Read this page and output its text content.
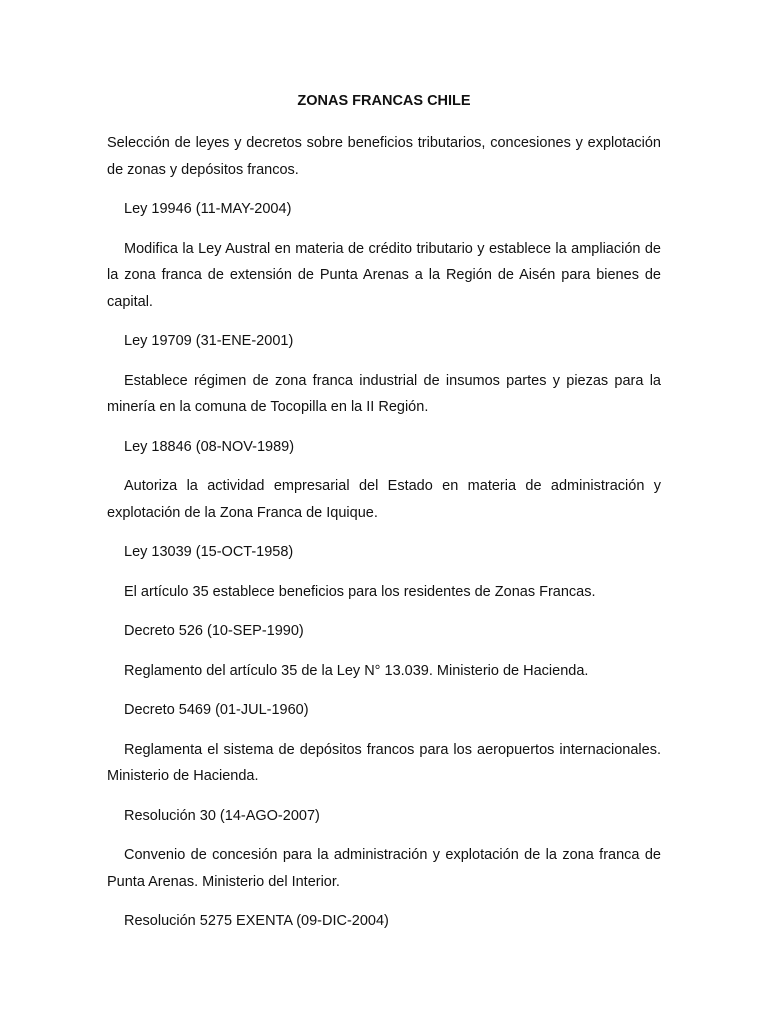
ZONAS FRANCAS CHILE

Selección de leyes y decretos sobre beneficios tributarios, concesiones y explotación de zonas y depósitos francos.

Ley 19946 (11-MAY-2004)

Modifica la Ley Austral en materia de crédito tributario y establece la ampliación de la zona franca de extensión de Punta Arenas a la Región de Aisén para bienes de capital.

Ley 19709 (31-ENE-2001)

Establece régimen de zona franca industrial de insumos partes y piezas para la minería en la comuna de Tocopilla en la II Región.

Ley 18846 (08-NOV-1989)

Autoriza la actividad empresarial del Estado en materia de administración y explotación de la Zona Franca de Iquique.

Ley 13039 (15-OCT-1958)

El artículo 35 establece beneficios para los residentes de Zonas Francas.

Decreto 526 (10-SEP-1990)

Reglamento del artículo 35 de la Ley N° 13.039. Ministerio de Hacienda.

Decreto 5469 (01-JUL-1960)

Reglamenta el sistema de depósitos francos para los aeropuertos internacionales. Ministerio de Hacienda.

Resolución 30 (14-AGO-2007)

Convenio de concesión para la administración y explotación de la zona franca de Punta Arenas. Ministerio del Interior.

Resolución 5275 EXENTA (09-DIC-2004)
